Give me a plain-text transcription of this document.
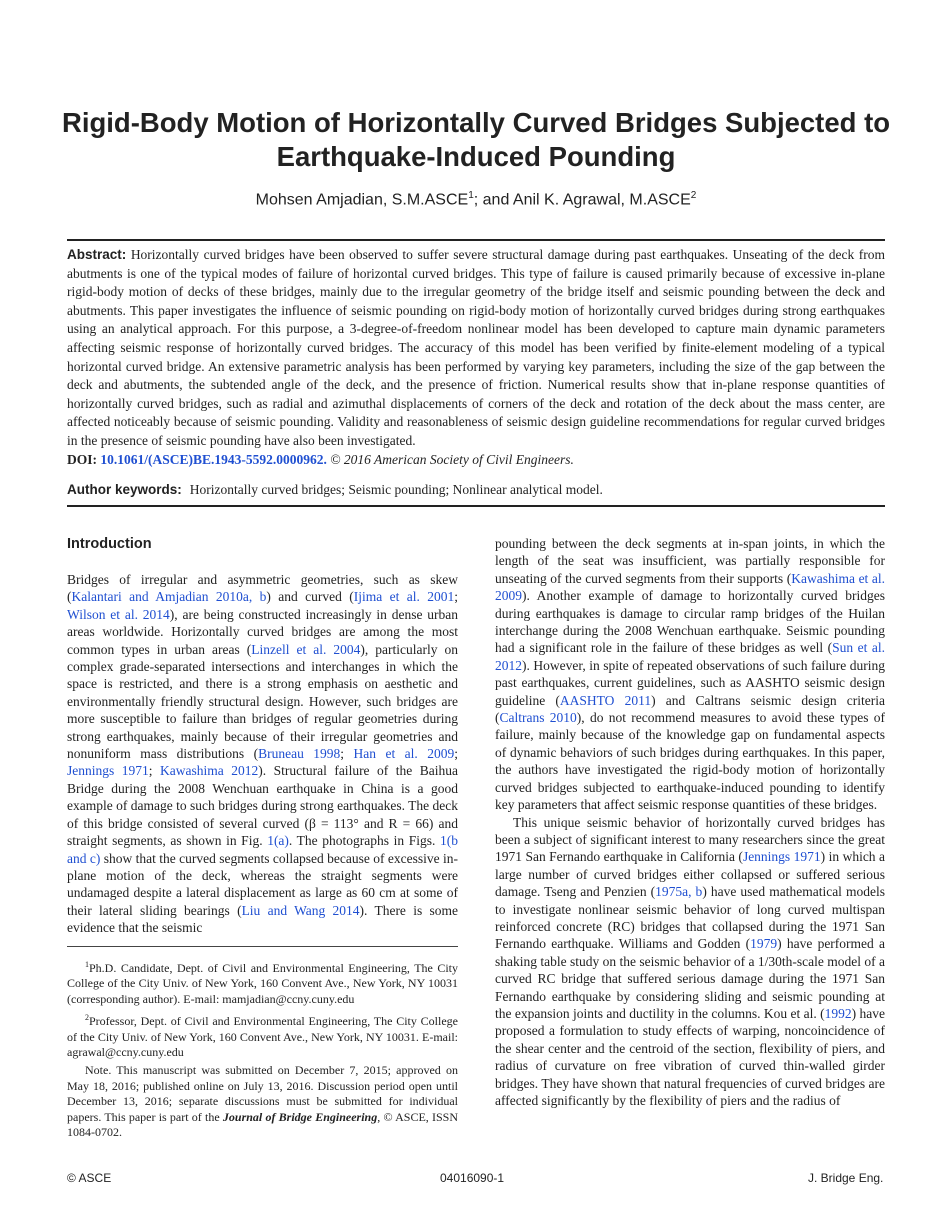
Rigid-Body Motion of Horizontally Curved Bridges Subjected to Earthquake-Induced Pounding
Mohsen Amjadian, S.M.ASCE$^1$; and Anil K. Agrawal, M.ASCE$^2$
Abstract: Horizontally curved bridges have been observed to suffer severe structural damage during past earthquakes. Unseating of the deck from abutments is one of the typical modes of failure of horizontal curved bridges. This type of failure is caused primarily because of excessive in-plane rigid-body motion of decks of these bridges, mainly due to the irregular geometry of the bridge itself and seismic pounding between the deck and abutments. This paper investigates the influence of seismic pounding on rigid-body motion of horizontally curved bridges during strong earthquakes using an analytical approach. For this purpose, a 3-degree-of-freedom nonlinear model has been developed to capture main dynamic parameters affecting seismic response of horizontally curved bridges. The accuracy of this model has been verified by finite-element modeling of a typical horizontal curved bridge. An extensive parametric analysis has been performed by varying key parameters, including the size of the gap between the deck and abutments, the subtended angle of the deck, and the presence of friction. Numerical results show that in-plane response quantities of horizontally curved bridges, such as radial and azimuthal displacements of corners of the deck and rotation of the deck about the mass center, are affected noticeably because of seismic pounding. Validity and reasonableness of seismic design guideline recommendations for regular curved bridges in the presence of seismic pounding have also been investigated.
DOI: 10.1061/(ASCE)BE.1943-5592.0000962. © 2016 American Society of Civil Engineers.
Author keywords: Horizontally curved bridges; Seismic pounding; Nonlinear analytical model.
Introduction

Bridges of irregular and asymmetric geometries, such as skew (Kalantari and Amjadian 2010a, b) and curved (Ijima et al. 2001; Wilson et al. 2014), are being constructed increasingly in dense urban areas worldwide. Horizontally curved bridges are among the most common types in urban areas (Linzell et al. 2004), particularly on complex grade-separated intersections and interchanges in which the space is restricted, and there is a strong emphasis on aesthetic and environmentally friendly structural design. However, such bridges are more susceptible to failure than bridges of regular geometries during strong earthquakes, mainly because of their irregular geometries and nonuniform mass distributions (Bruneau 1998; Han et al. 2009; Jennings 1971; Kawashima 2012). Structural failure of the Baihua Bridge during the 2008 Wenchuan earthquake in China is a good example of damage to such bridges during strong earthquakes. The deck of this bridge consisted of several curved (β = 113° and R = 66) and straight segments, as shown in Fig. 1(a). The photographs in Figs. 1(b and c) show that the curved segments collapsed because of excessive in-plane motion of the deck, whereas the straight segments were undamaged despite a lateral displacement as large as 60 cm at some of their lateral sliding bearings (Liu and Wang 2014). There is some evidence that the seismic

$^1$Ph.D. Candidate, Dept. of Civil and Environmental Engineering, The City College of the City Univ. of New York, 160 Convent Ave., New York, NY 10031 (corresponding author). E-mail: mamjadian@ccny.cuny.edu

$^2$Professor, Dept. of Civil and Environmental Engineering, The City College of the City Univ. of New York, 160 Convent Ave., New York, NY 10031. E-mail: agrawal@ccny.cuny.edu

Note. This manuscript was submitted on December 7, 2015; approved on May 18, 2016; published online on July 13, 2016. Discussion period open until December 13, 2016; separate discussions must be submitted for individual papers. This paper is part of the Journal of Bridge Engineering, © ASCE, ISSN 1084-0702.

pounding between the deck segments at in-span joints, in which the length of the seat was insufficient, was partially responsible for unseating of the curved segments from their supports (Kawashima et al. 2009). Another example of damage to horizontally curved bridges during earthquakes is damage to circular ramp bridges of the Huilan interchange during the 2008 Wenchuan earthquake. Seismic pounding had a significant role in the failure of these bridges as well (Sun et al. 2012). However, in spite of repeated observations of such failure during past earthquakes, current guidelines, such as AASHTO seismic design guideline (AASHTO 2011) and Caltrans seismic design criteria (Caltrans 2010), do not recommend measures to avoid these types of failure, mainly because of the knowledge gap on fundamental aspects of dynamic behaviors of such bridges during earthquakes. In this paper, the authors have investigated the rigid-body motion of horizontally curved bridges subjected to earthquake-induced pounding to identify key parameters that affect seismic response quantities of these bridges.

This unique seismic behavior of horizontally curved bridges has been a subject of significant interest to many researchers since the great 1971 San Fernando earthquake in California (Jennings 1971) in which a large number of curved bridges either collapsed or suffered serious damage. Tseng and Penzien (1975a, b) have used mathematical models to investigate nonlinear seismic behavior of long curved multispan reinforced concrete (RC) bridges that collapsed during the 1971 San Fernando earthquake. Williams and Godden (1979) have performed a shaking table study on the seismic behavior of a 1/30th-scale model of a curved RC bridge that suffered serious damage during the 1971 San Fernando earthquake by considering sliding and seismic pounding at the expansion joints and ductility in the columns. Kou et al. (1992) have proposed a formulation to study effects of warping, noncoincidence of the shear center and the centroid of the section, flexibility of piers, and radius of curvature on free vibration of curved thin-walled girder bridges. They have shown that natural frequencies of curved bridges are affected significantly by the flexibility of piers and the radius of

© ASCE	04016090-1	J. Bridge Eng.
